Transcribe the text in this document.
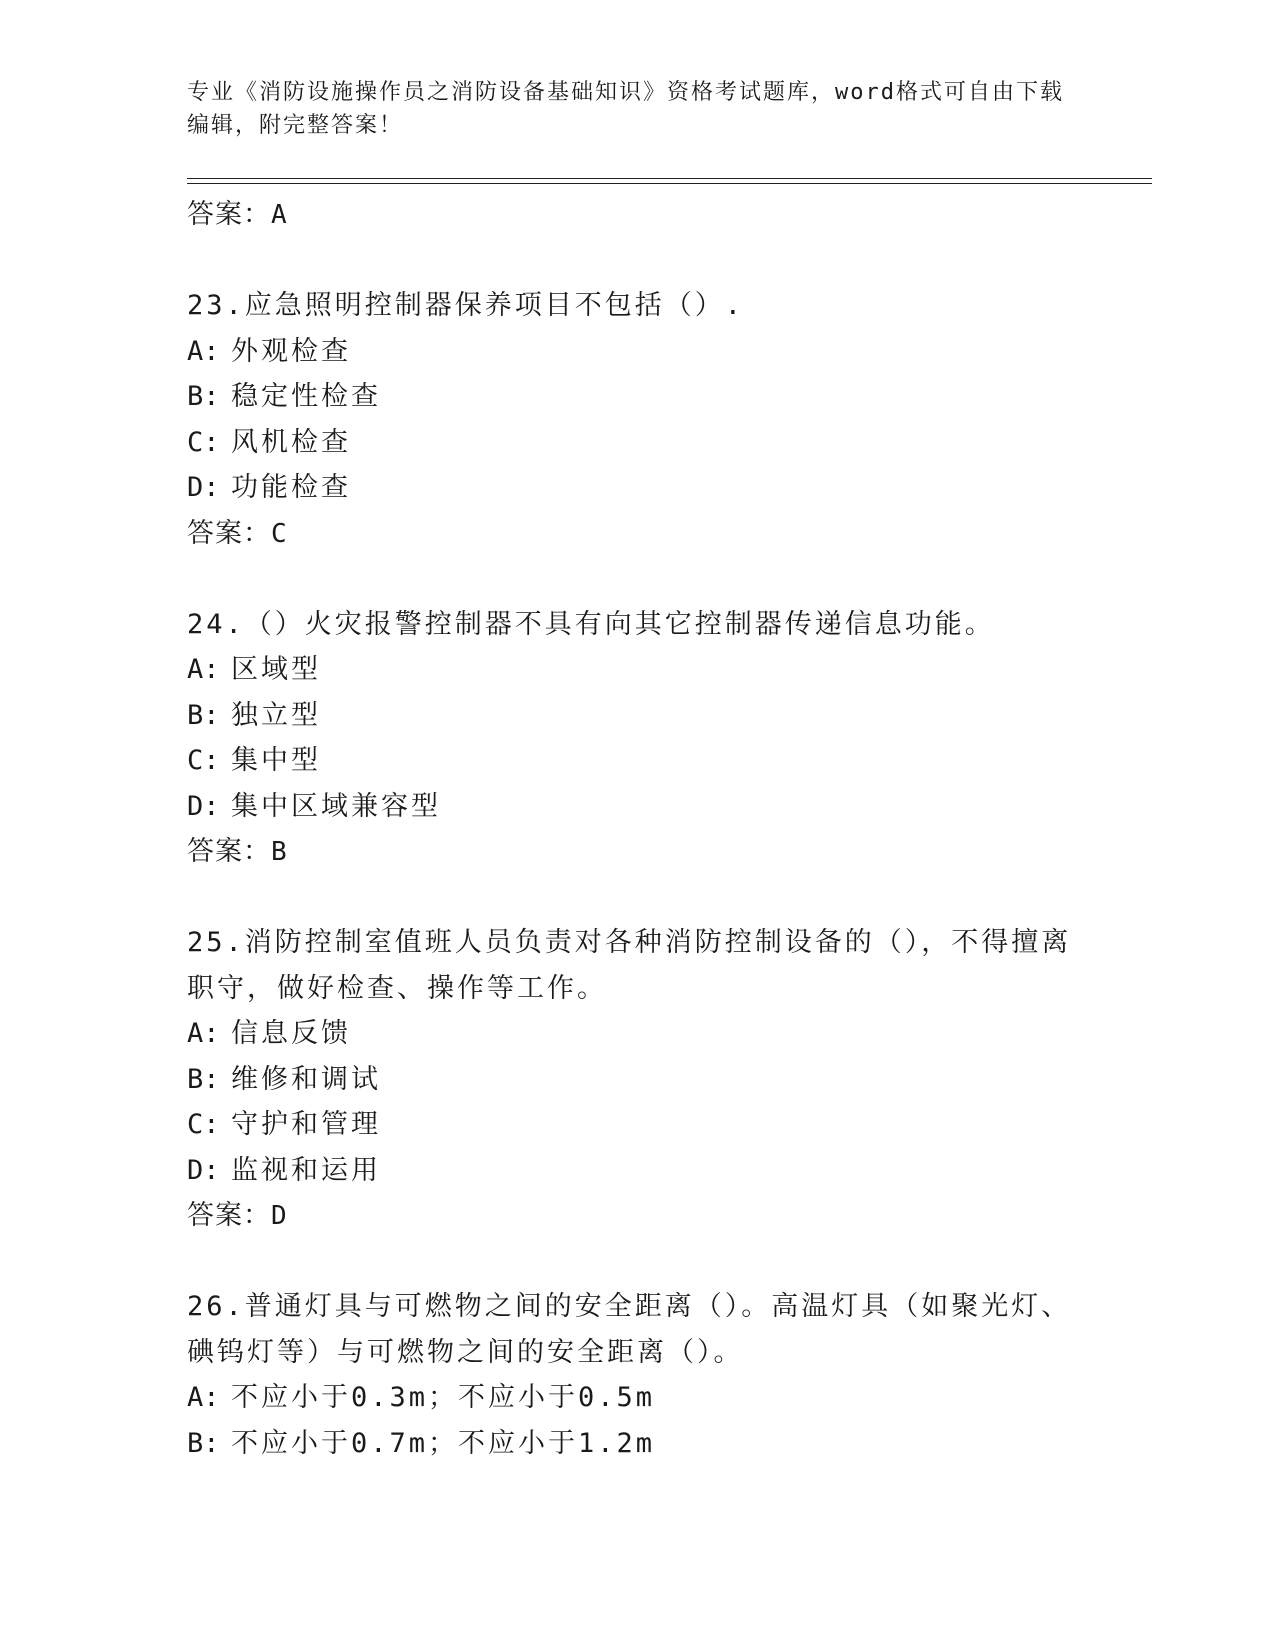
专业《消防设施操作员之消防设备基础知识》资格考试题库，word格式可自由下载编辑，附完整答案！
答案：A
23.应急照明控制器保养项目不包括（）.
A: 外观检查
B: 稳定性检查
C: 风机检查
D: 功能检查
答案：C
24.（）火灾报警控制器不具有向其它控制器传递信息功能。
A: 区域型
B: 独立型
C: 集中型
D: 集中区域兼容型
答案：B
25.消防控制室值班人员负责对各种消防控制设备的（），不得擅离职守，做好检查、操作等工作。
A: 信息反馈
B: 维修和调试
C: 守护和管理
D: 监视和运用
答案：D
26.普通灯具与可燃物之间的安全距离（）。高温灯具（如聚光灯、碘钨灯等）与可燃物之间的安全距离（）。
A: 不应小于0.3m；不应小于0.5m
B: 不应小于0.7m；不应小于1.2m
